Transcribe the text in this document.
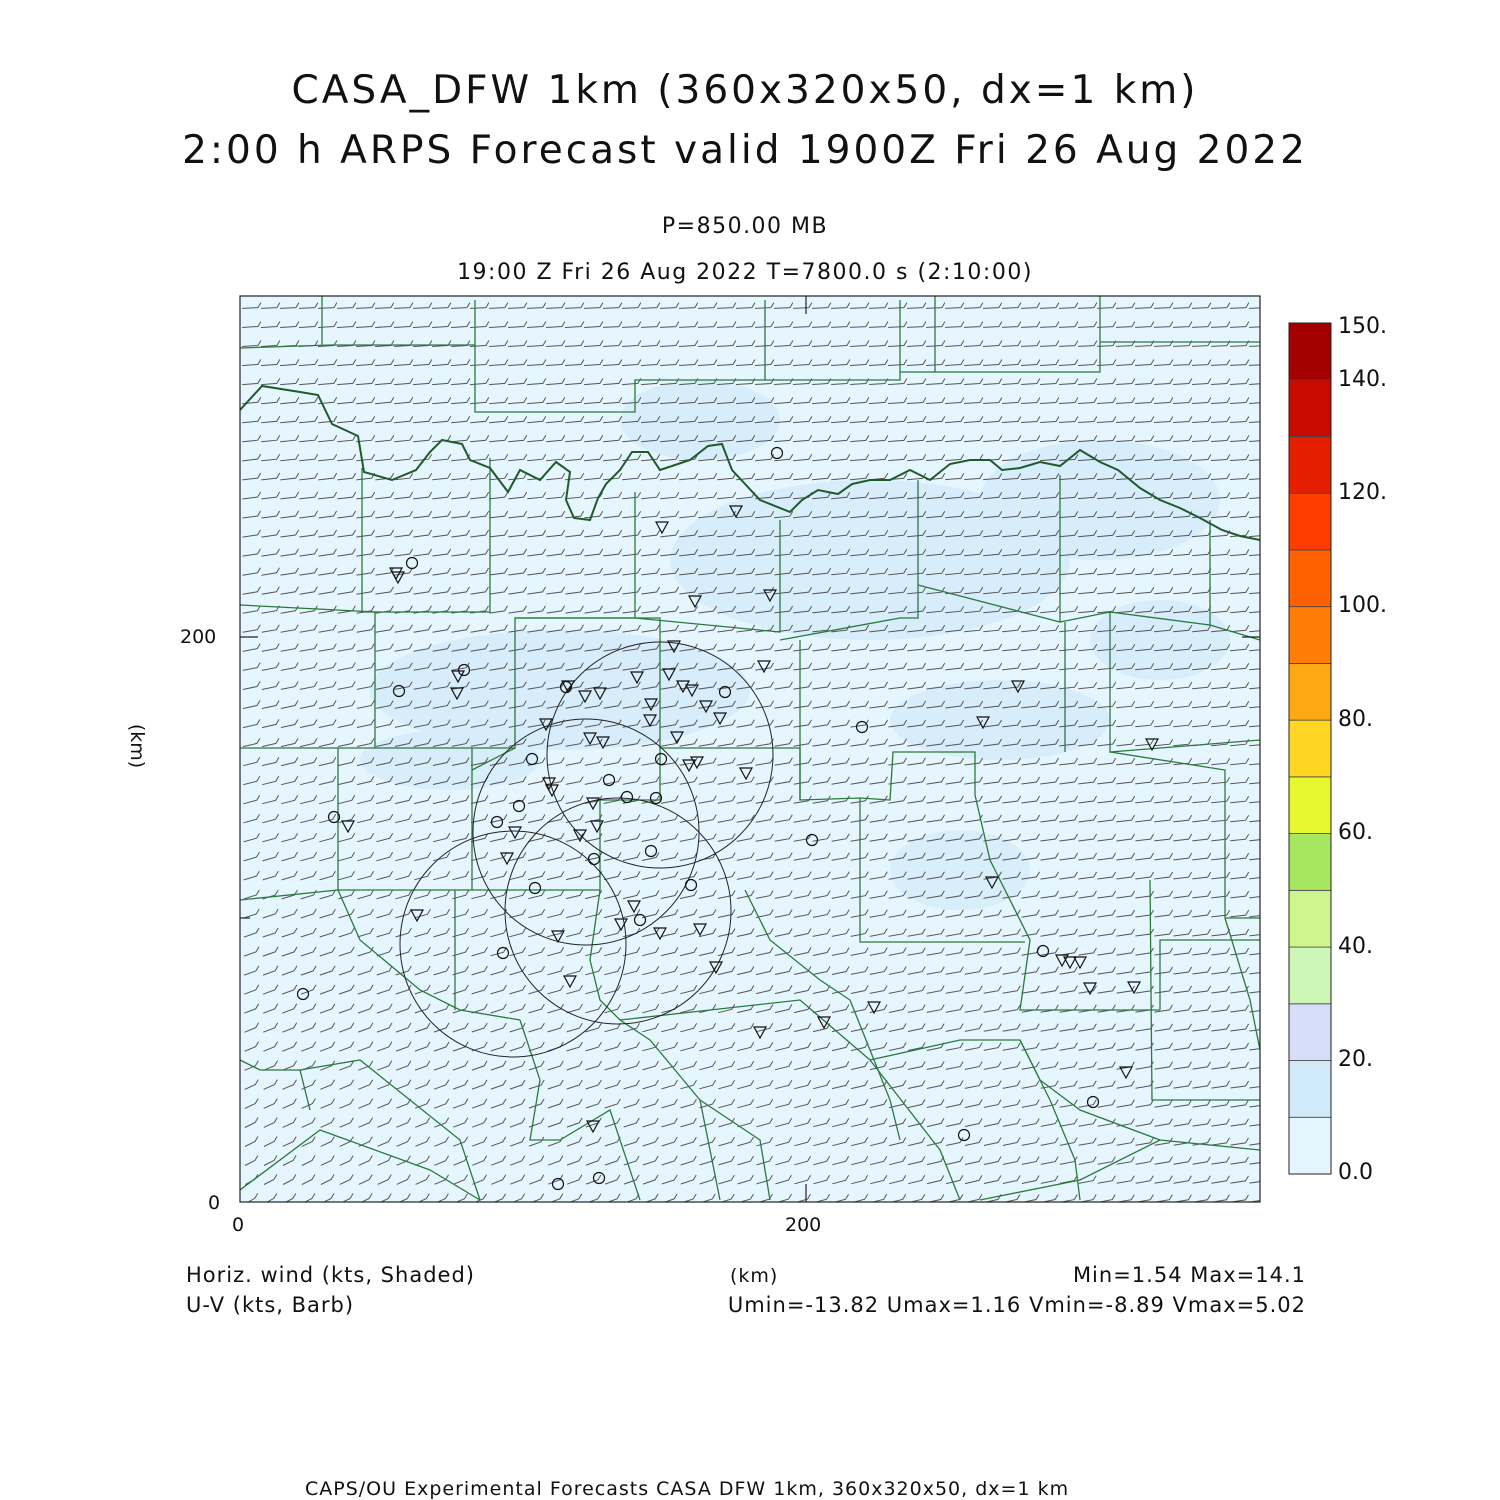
CASA_DFW 1km (360x320x50, dx=1 km)
2:00 h ARPS Forecast valid 1900Z Fri 26 Aug 2022
P=850.00 MB
19:00 Z Fri 26 Aug 2022 T=7800.0 s (2:10:00)
0	200
0
200
(km)
150.
140.
120.
100.
80.
60.
40.
20.
0.0
Horiz. wind (kts, Shaded)
U-V (kts, Barb)
(km)	Min=1.54 Max=14.1
Umin=-13.82 Umax=1.16 Vmin=-8.89 Vmax=5.02
CAPS/OU Experimental Forecasts CASA DFW 1km, 360x320x50, dx=1 km
